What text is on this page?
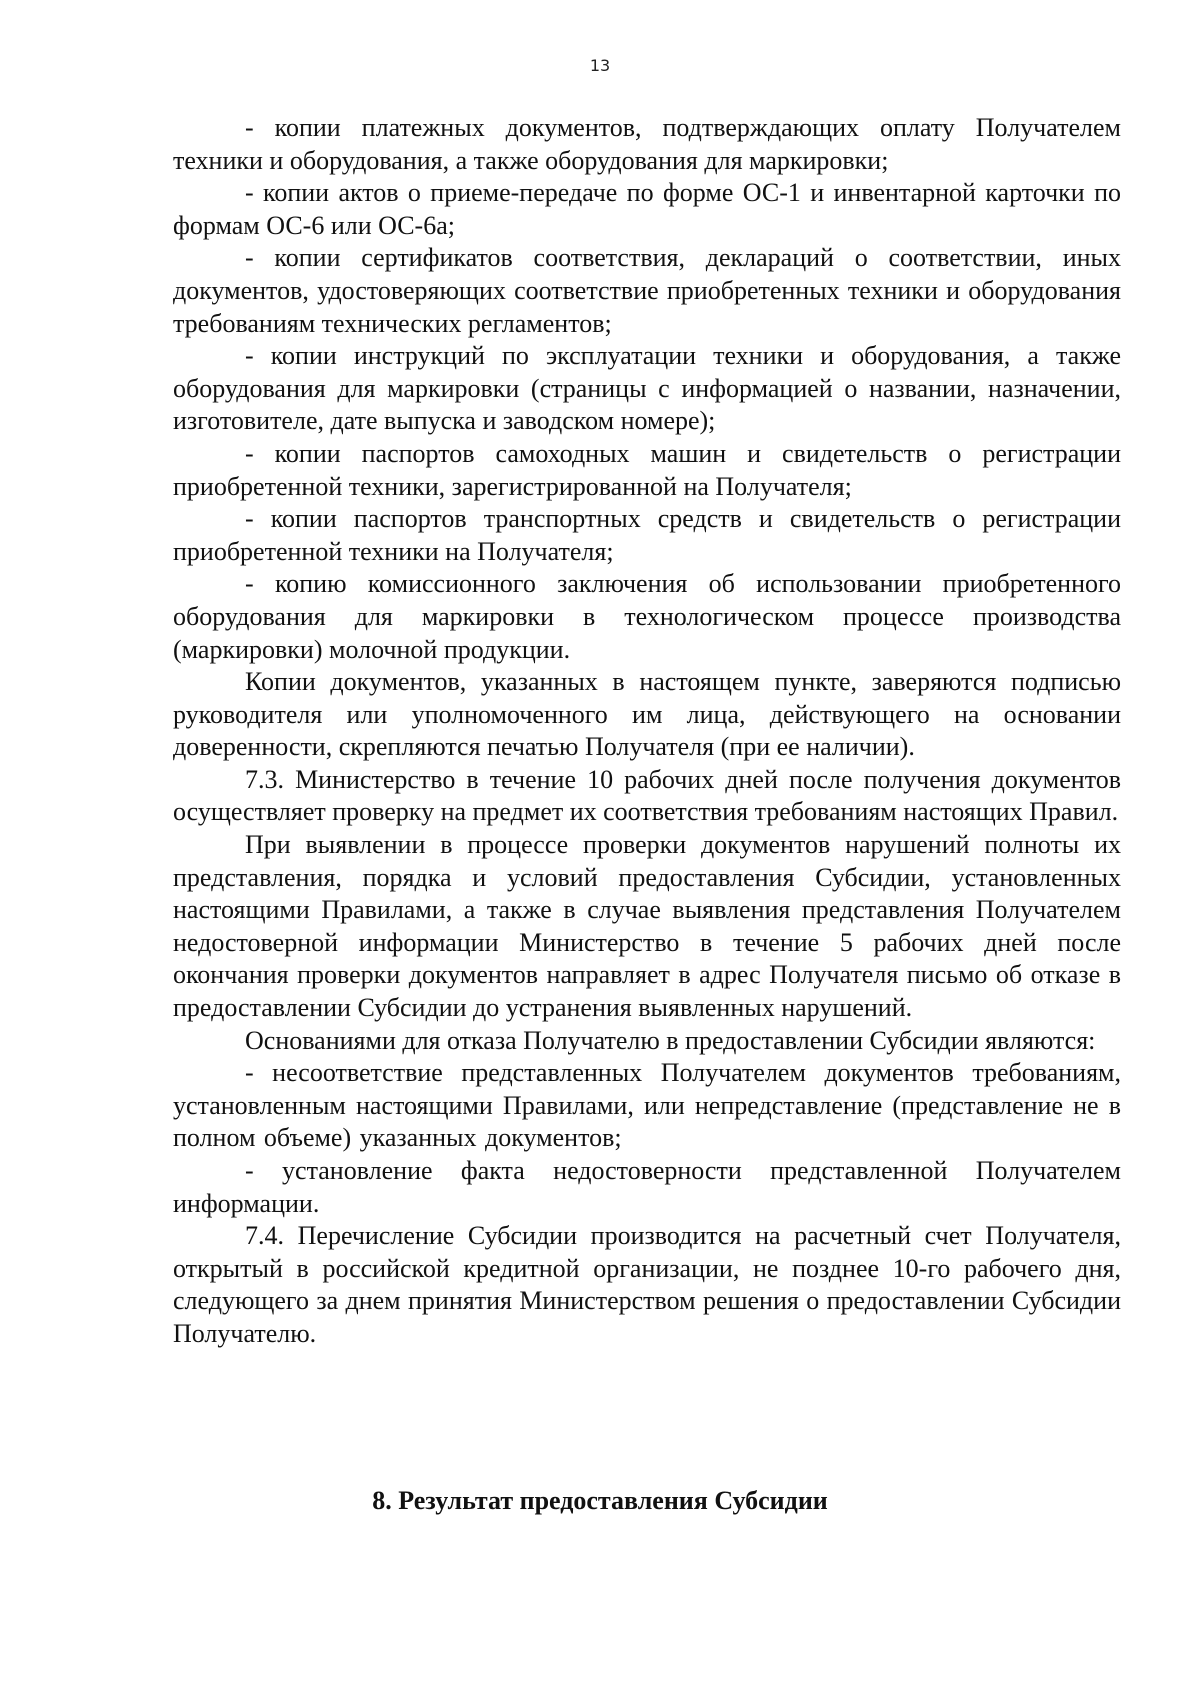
13

- копии платежных документов, подтверждающих оплату Получателем техники и оборудования, а также оборудования для маркировки;

- копии актов о приеме-передаче по форме ОС-1 и инвентарной карточки по формам ОС-6 или ОС-6а;

- копии сертификатов соответствия, деклараций о соответствии, иных документов, удостоверяющих соответствие приобретенных техники и оборудования требованиям технических регламентов;

- копии инструкций по эксплуатации техники и оборудования, а также оборудования для маркировки (страницы с информацией о названии, назначении, изготовителе, дате выпуска и заводском номере);

- копии паспортов самоходных машин и свидетельств о регистрации приобретенной техники, зарегистрированной на Получателя;

- копии паспортов транспортных средств и свидетельств о регистрации приобретенной техники на Получателя;

- копию комиссионного заключения об использовании приобретенного оборудования для маркировки в технологическом процессе производства (маркировки) молочной продукции.

Копии документов, указанных в настоящем пункте, заверяются подписью руководителя или уполномоченного им лица, действующего на основании доверенности, скрепляются печатью Получателя (при ее наличии).

7.3. Министерство в течение 10 рабочих дней после получения документов осуществляет проверку на предмет их соответствия требованиям настоящих Правил.

При выявлении в процессе проверки документов нарушений полноты их представления, порядка и условий предоставления Субсидии, установленных настоящими Правилами, а также в случае выявления представления Получателем недостоверной информации Министерство в течение 5 рабочих дней после окончания проверки документов направляет в адрес Получателя письмо об отказе в предоставлении Субсидии до устранения выявленных нарушений.

Основаниями для отказа Получателю в предоставлении Субсидии являются:

- несоответствие представленных Получателем документов требованиям, установленным настоящими Правилами, или непредставление (представление не в полном объеме) указанных документов;

- установление факта недостоверности представленной Получателем информации.

7.4. Перечисление Субсидии производится на расчетный счет Получателя, открытый в российской кредитной организации, не позднее 10-го рабочего дня, следующего за днем принятия Министерством решения о предоставлении Субсидии Получателю.

8. Результат предоставления Субсидии
